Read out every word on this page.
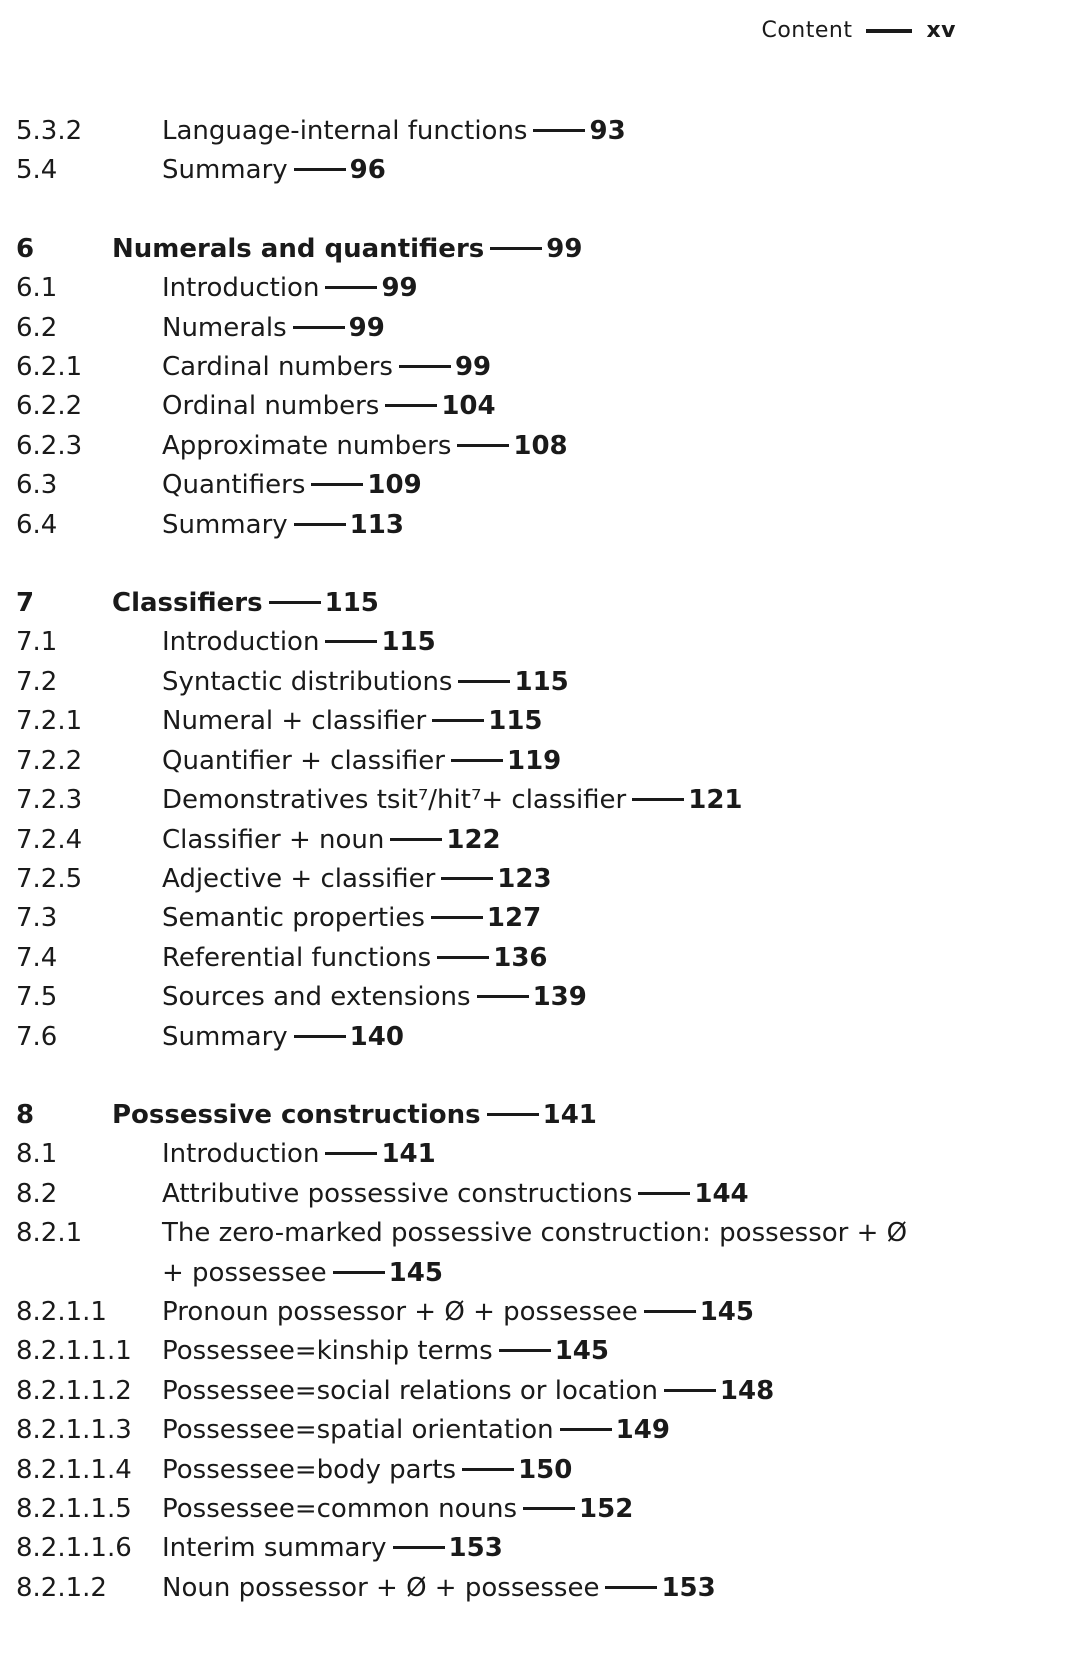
Content	xv
5.3.2	Language-internal functions 93
5.4	Summary 96
6	Numerals and quantifiers 99
6.1	Introduction 99
6.2	Numerals 99
6.2.1	Cardinal numbers 99
6.2.2	Ordinal numbers 104
6.2.3	Approximate numbers 108
6.3	Quantifiers 109
6.4	Summary 113
7	Classifiers 115
7.1	Introduction 115
7.2	Syntactic distributions 115
7.2.1	Numeral + classifier 115
7.2.2	Quantifier + classifier 119
7.2.3	Demonstratives tsit⁷/hit⁷+ classifier 121
7.2.4	Classifier + noun 122
7.2.5	Adjective + classifier 123
7.3	Semantic properties 127
7.4	Referential functions 136
7.5	Sources and extensions 139
7.6	Summary 140
8	Possessive constructions 141
8.1	Introduction 141
8.2	Attributive possessive constructions 144
8.2.1	The zero-marked possessive construction: possessor + Ø + possessee 145
8.2.1.1	Pronoun possessor + Ø + possessee 145
8.2.1.1.1	Possessee=kinship terms 145
8.2.1.1.2	Possessee=social relations or location 148
8.2.1.1.3	Possessee=spatial orientation 149
8.2.1.1.4	Possessee=body parts 150
8.2.1.1.5	Possessee=common nouns 152
8.2.1.1.6	Interim summary 153
8.2.1.2	Noun possessor + Ø + possessee 153
